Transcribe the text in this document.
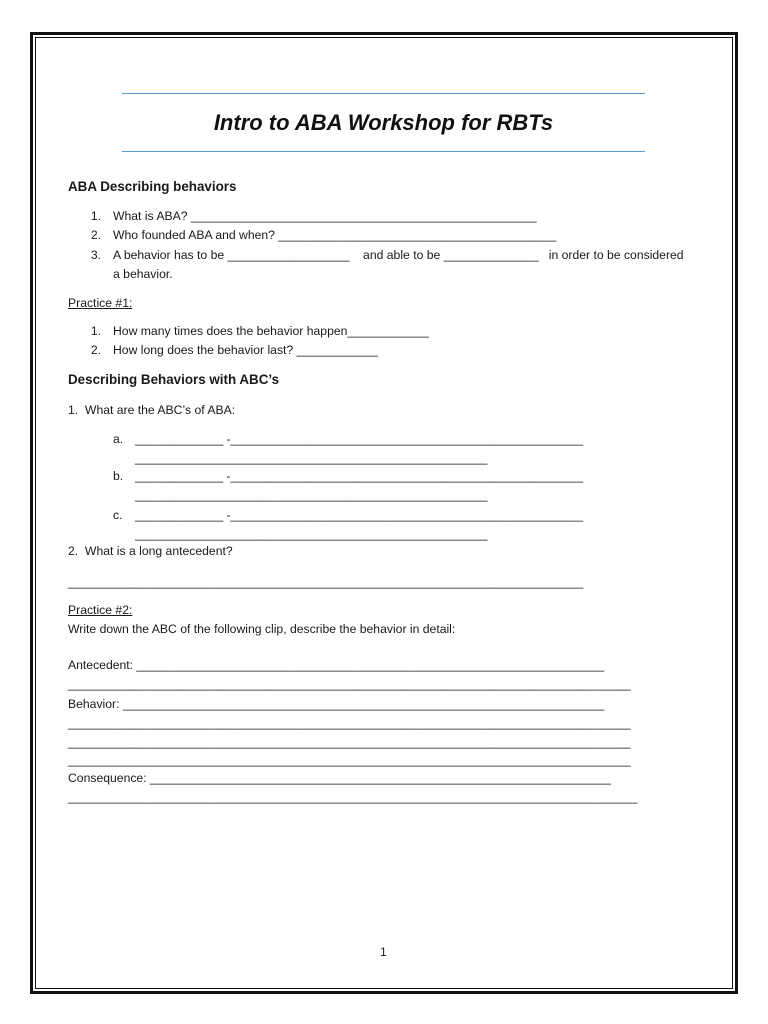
Intro to ABA Workshop for RBTs
ABA Describing behaviors
1. What is ABA? ___________________________________________________
2. Who founded ABA and when? _________________________________________
3. A behavior has to be __________________    and able to be ______________   in order to be considered
a behavior.
Practice #1:
1. How many times does the behavior happen____________
2. How long does the behavior last? ____________
Describing Behaviors with ABC’s
1.  What are the ABC’s of ABA:
a. _____________ -____________________________________________________
____________________________________________________
b. _____________ -____________________________________________________
____________________________________________________
c. _____________ -____________________________________________________
____________________________________________________
2.  What is a long antecedent?
____________________________________________________________________________
Practice #2:
Write down the ABC of the following clip, describe the behavior in detail:
Antecedent: _____________________________________________________________________
___________________________________________________________________________________
Behavior: _______________________________________________________________________
___________________________________________________________________________________
___________________________________________________________________________________
___________________________________________________________________________________
Consequence: ____________________________________________________________________
____________________________________________________________________________________
1
